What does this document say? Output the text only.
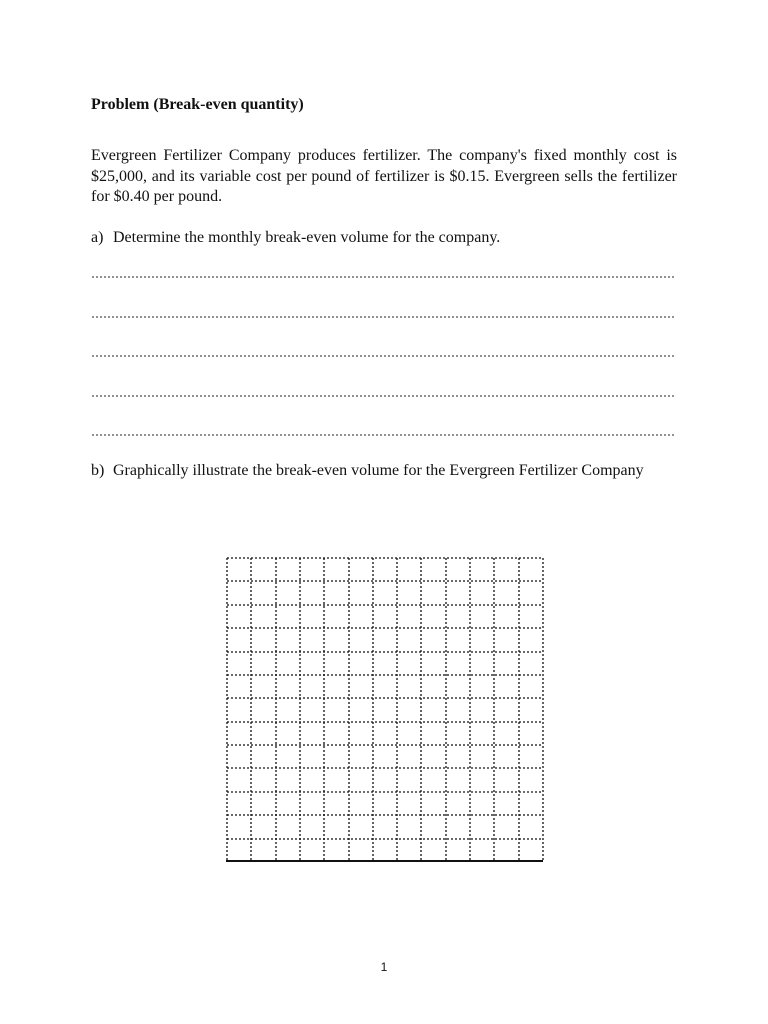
Problem (Break-even quantity)

Evergreen Fertilizer Company produces fertilizer. The company's fixed monthly cost is $25,000, and its variable cost per pound of fertilizer is $0.15. Evergreen sells the fertilizer for $0.40 per pound.

a) Determine the monthly break-even volume for the company.
b) Graphically illustrate the break-even volume for the Evergreen Fertilizer Company

1
